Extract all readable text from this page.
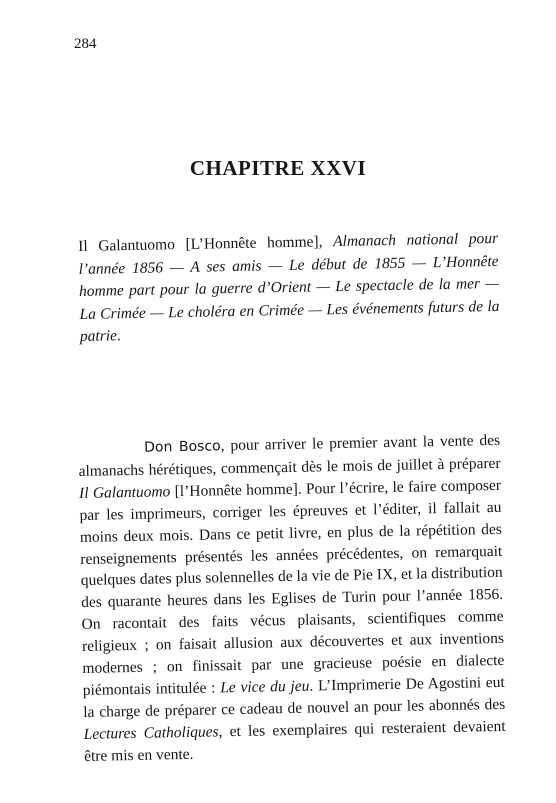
284
CHAPITRE XXVI
Il Galantuomo [L’Honnête homme], Almanach national pour l’année 1856 — A ses amis — Le début de 1855 — L’Honnête homme part pour la guerre d’Orient — Le spectacle de la mer — La Crimée — Le choléra en Crimée — Les événements futurs de la patrie.
Don Bosco, pour arriver le premier avant la vente des almanachs hérétiques, commençait dès le mois de juillet à préparer Il Galantuomo [l’Honnête homme]. Pour l’écrire, le faire composer par les imprimeurs, corriger les épreuves et l’éditer, il fallait au moins deux mois. Dans ce petit livre, en plus de la répétition des renseignements présentés les années précédentes, on remarquait quelques dates plus solennelles de la vie de Pie IX, et la distribution des quarante heures dans les Eglises de Turin pour l’année 1856. On racontait des faits vécus plaisants, scientifiques comme religieux ; on faisait allusion aux découvertes et aux inventions modernes ; on finissait par une gracieuse poésie en dialecte piémontais intitulée : Le vice du jeu. L’Imprimerie De Agostini eut la charge de préparer ce cadeau de nouvel an pour les abonnés des Lectures Catholiques, et les exemplaires qui resteraient devaient être mis en vente.
